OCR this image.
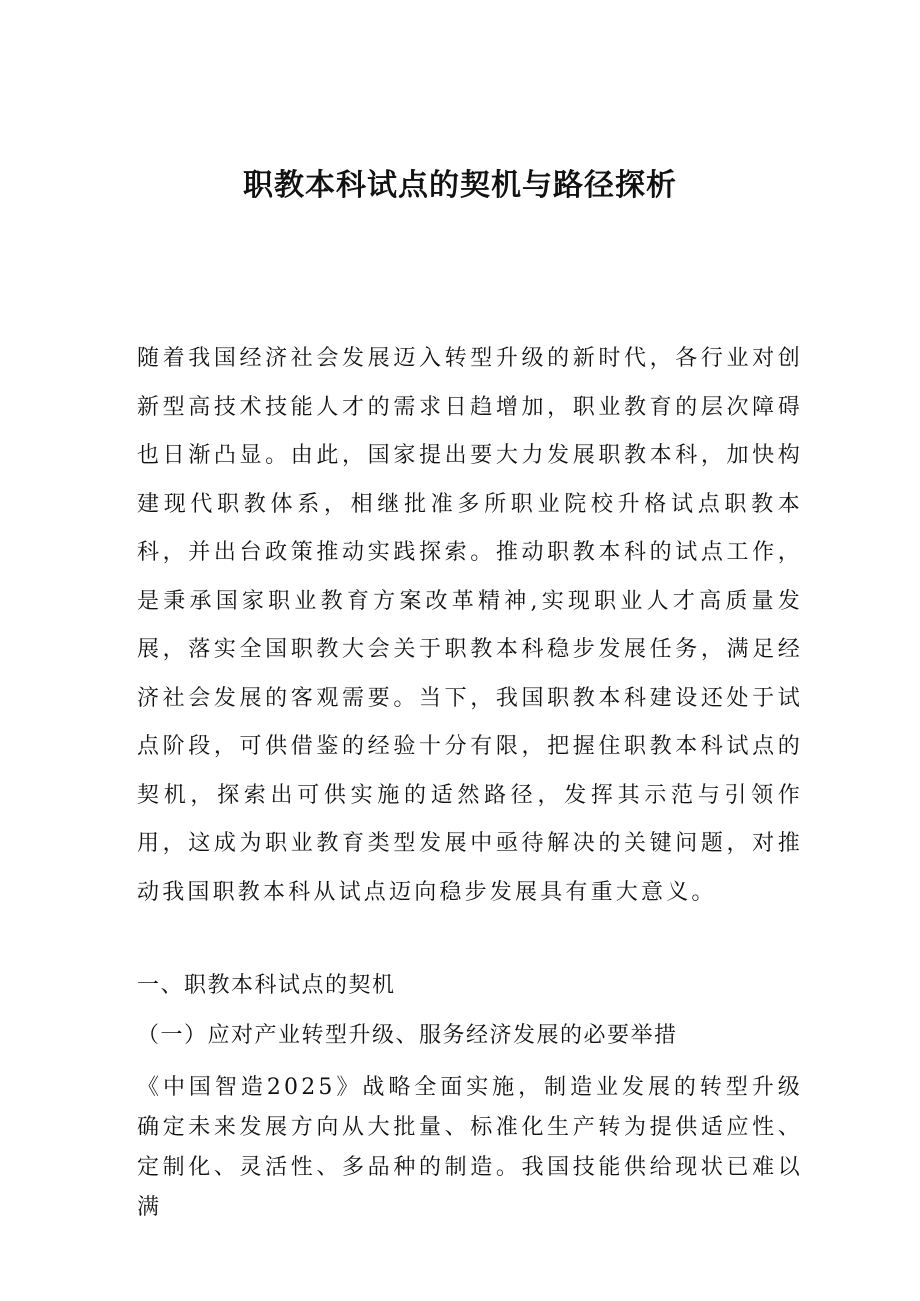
职教本科试点的契机与路径探析

随着我国经济社会发展迈入转型升级的新时代，各行业对创新型高技术技能人才的需求日趋增加，职业教育的层次障碍也日渐凸显。由此，国家提出要大力发展职教本科，加快构建现代职教体系，相继批准多所职业院校升格试点职教本科，并出台政策推动实践探索。推动职教本科的试点工作，是秉承国家职业教育方案改革精神,实现职业人才高质量发展，落实全国职教大会关于职教本科稳步发展任务，满足经济社会发展的客观需要。当下，我国职教本科建设还处于试点阶段，可供借鉴的经验十分有限，把握住职教本科试点的契机，探索出可供实施的适然路径，发挥其示范与引领作用，这成为职业教育类型发展中亟待解决的关键问题，对推动我国职教本科从试点迈向稳步发展具有重大意义。

一、职教本科试点的契机

（一）应对产业转型升级、服务经济发展的必要举措

《中国智造2025》战略全面实施，制造业发展的转型升级确定未来发展方向从大批量、标准化生产转为提供适应性、定制化、灵活性、多品种的制造。我国技能供给现状已难以满
